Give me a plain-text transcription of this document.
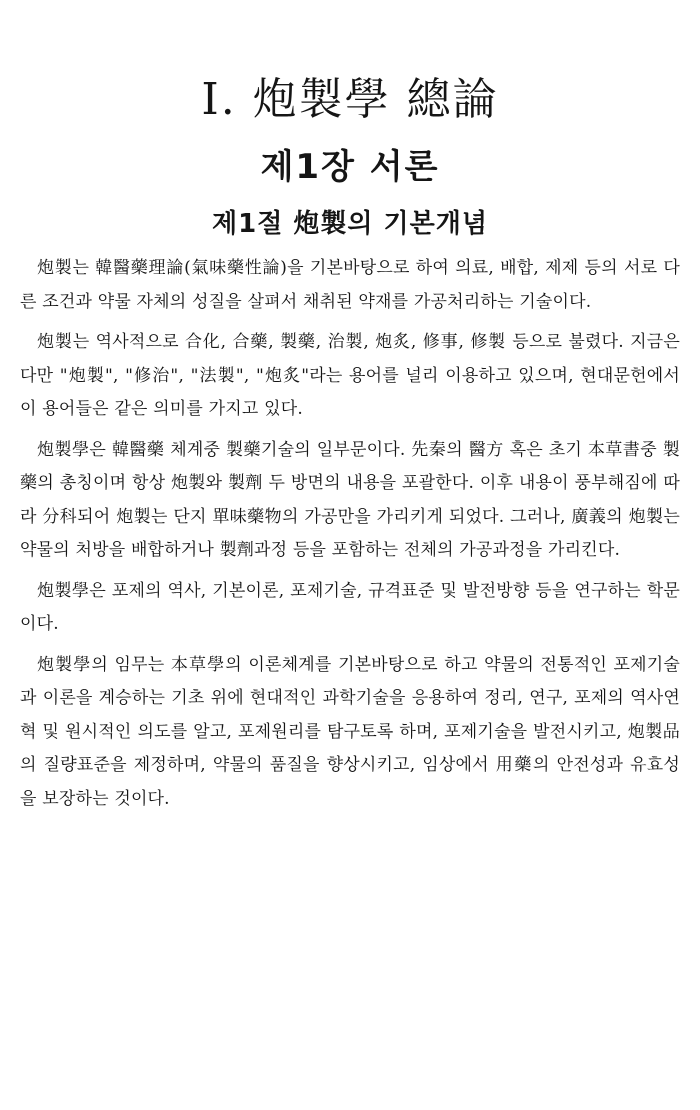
I. 炮製學 總論
제1장 서론
제1절 炮製의 기본개념

炮製는 韓醫藥理論(氣味藥性論)을 기본바탕으로 하여 의료, 배합, 제제 등의 서로 다른 조건과 약물 자체의 성질을 살펴서 채취된 약재를 가공처리하는 기술이다.

炮製는 역사적으로 合化, 合藥, 製藥, 治製, 炮炙, 修事, 修製 등으로 불렸다. 지금은 다만 "炮製", "修治", "法製", "炮炙"라는 용어를 널리 이용하고 있으며, 현대문헌에서 이 용어들은 같은 의미를 가지고 있다.

炮製學은 韓醫藥 체계중 製藥기술의 일부문이다. 先秦의 醫方 혹은 초기 本草書중 製藥의 총칭이며 항상 炮製와 製劑 두 방면의 내용을 포괄한다. 이후 내용이 풍부해짐에 따라 分科되어 炮製는 단지 單味藥物의 가공만을 가리키게 되었다. 그러나, 廣義의 炮製는 약물의 처방을 배합하거나 製劑과정 등을 포함하는 전체의 가공과정을 가리킨다.

炮製學은 포제의 역사, 기본이론, 포제기술, 규격표준 및 발전방향 등을 연구하는 학문이다.

炮製學의 임무는 本草學의 이론체계를 기본바탕으로 하고 약물의 전통적인 포제기술과 이론을 계승하는 기초 위에 현대적인 과학기술을 응용하여 정리, 연구, 포제의 역사연혁 및 원시적인 의도를 알고, 포제원리를 탐구토록 하며, 포제기술을 발전시키고, 炮製品의 질량표준을 제정하며, 약물의 품질을 향상시키고, 임상에서 用藥의 안전성과 유효성을 보장하는 것이다.
